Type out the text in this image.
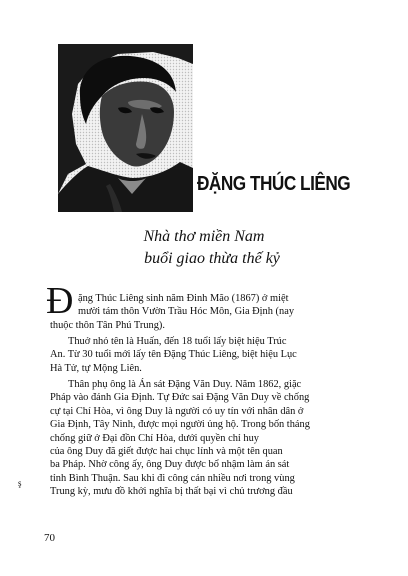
ĐẶNG THÚC LIÊNG
Nhà thơ miền Nam
buổi giao thừa thế kỷ
Đ ặng Thúc Liêng sinh năm Đinh Mão (1867) ở miệt
mười tám thôn Vườn Trầu Hóc Môn, Gia Định (nay
thuộc thôn Tân Phú Trung).
Thuở nhỏ tên là Huấn, đến 18 tuổi lấy biệt hiệu Trúc
An. Từ 30 tuổi mới lấy tên Đặng Thúc Liêng, biệt hiệu Lục
Hà Tử, tự Mộng Liên.
Thân phụ ông là Án sát Đặng Văn Duy. Năm 1862, giặc
Pháp vào đánh Gia Định. Tự Đức sai Đặng Văn Duy về chống
cự tại Chí Hòa, vì ông Duy là người có uy tín với nhân dân ở
Gia Định, Tây Ninh, được mọi người ủng hộ. Trong bốn tháng
chống giữ ở Đại đồn Chí Hòa, dưới quyền chỉ huy
của ông Duy đã giết được hai chục lính và một tên quan
ba Pháp. Nhờ công ấy, ông Duy được bổ nhậm làm án sát
tỉnh Bình Thuận. Sau khi đi công cán nhiều nơi trong vùng
Trung kỳ, mưu đồ khởi nghĩa bị thất bại vì chủ trương đầu
ş
70
